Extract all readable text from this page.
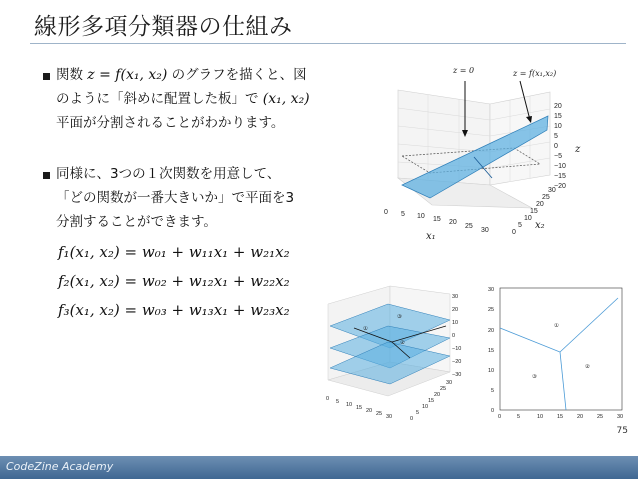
線形多項分類器の仕組み
関数 z = f(x₁, x₂) のグラフを描くと、図
のように「斜めに配置した板」で (x₁, x₂)
平面が分割されることがわかります。
同様に、3つの１次関数を用意して、
「どの関数が一番大きいか」で平面を3
分割することができます。
f₁(x₁, x₂) = w₀₁ + w₁₁x₁ + w₂₁x₂
f₂(x₁, x₂) = w₀₂ + w₁₂x₁ + w₂₂x₂
f₃(x₁, x₂) = w₀₃ + w₁₃x₁ + w₂₃x₂
z = 0	z = f(x₁,x₂)
20
15
10
5
0
−5
−10
−15
−20
z
0 5 10 15 20
25
30
x₁
30
25
20
15
10
5
0
x₂
①
③
②
30
20
10
0
−10
−20
−30
0 5 10 15 20 25 30
30
25
20
15
10
5
0
30
25
20
15
10
5
0
0	5	10	15	20	25	30
①
②
③
75
CodeZine Academy
